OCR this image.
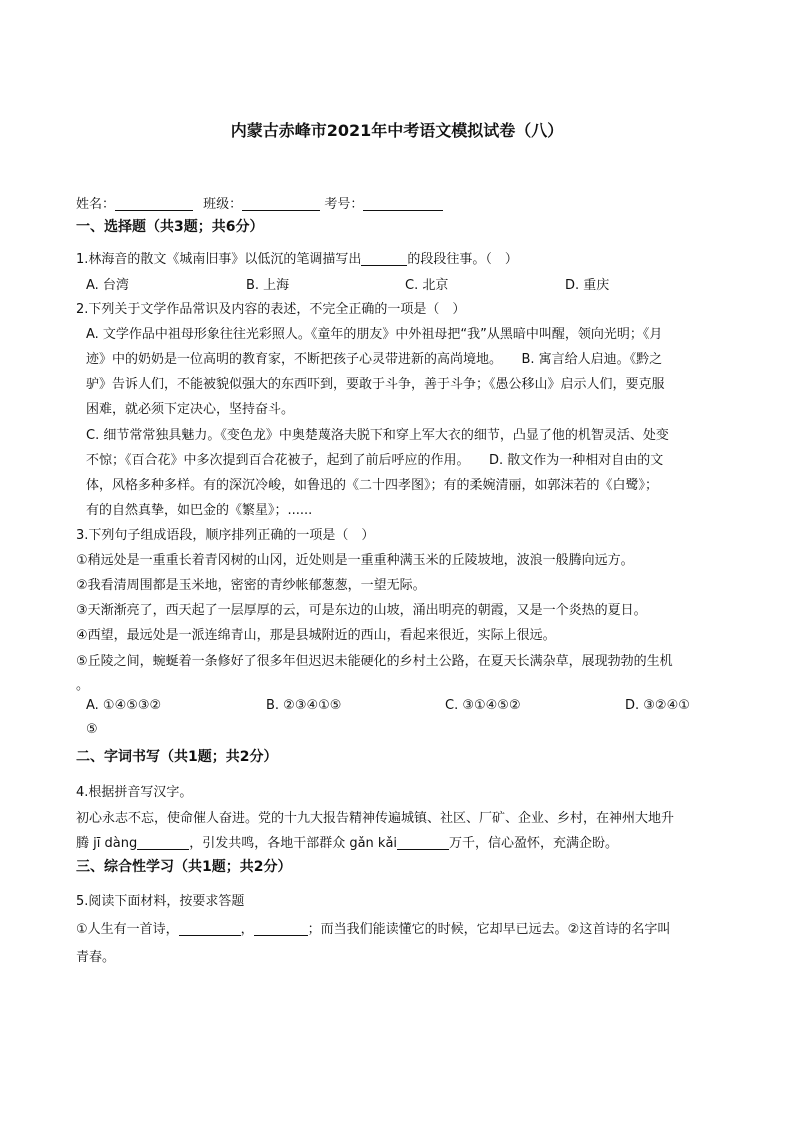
内蒙古赤峰市2021年中考语文模拟试卷（八）
姓名：	班级：	考号：
一、选择题（共3题；共6分）
1.林海音的散文《城南旧事》以低沉的笔调描写出	的段段往事。（　）
A. 台湾	B. 上海	C. 北京	D. 重庆
2.下列关于文学作品常识及内容的表述，不完全正确的一项是（　）
A. 文学作品中祖母形象往往光彩照人。《童年的朋友》中外祖母把“我”从黑暗中叫醒，领向光明；《月
迹》中的奶奶是一位高明的教育家，不断把孩子心灵带进新的高尚境地。　　B. 寓言给人启迪。《黔之
驴》告诉人们，不能被貌似强大的东西吓到，要敢于斗争，善于斗争；《愚公移山》启示人们，要克服
困难，就必须下定决心，坚持奋斗。
C. 细节常常独具魅力。《变色龙》中奥楚蔑洛夫脱下和穿上军大衣的细节，凸显了他的机智灵活、处变
不惊；《百合花》中多次提到百合花被子，起到了前后呼应的作用。　　D. 散文作为一种相对自由的文
体，风格多种多样。有的深沉冷峻，如鲁迅的《二十四孝图》；有的柔婉清丽，如郭沫若的《白鹭》；
有的自然真挚，如巴金的《繁星》；......
3.下列句子组成语段，顺序排列正确的一项是（　）
①稍远处是一重重长着青冈树的山冈，近处则是一重重种满玉米的丘陵坡地，波浪一般腾向远方。
②我看清周围都是玉米地，密密的青纱帐郁葱葱，一望无际。
③天渐渐亮了，西天起了一层厚厚的云，可是东边的山坡，涌出明亮的朝霞，又是一个炎热的夏日。
④西望，最远处是一派连绵青山，那是县城附近的西山，看起来很近，实际上很远。
⑤丘陵之间，蜿蜒着一条修好了很多年但迟迟未能硬化的乡村土公路，在夏天长满杂草，展现勃勃的生机
。
A. ①④⑤③②	B. ②③④①⑤	C. ③①④⑤②	D. ③②④①
⑤
二、字词书写（共1题；共2分）
4.根据拼音写汉字。
初心永志不忘，使命催人奋进。党的十九大报告精神传遍城镇、社区、厂矿、企业、乡村，在神州大地升
腾 jī dàng	，引发共鸣，各地干部群众 gǎn kǎi	万千，信心盈怀，充满企盼。
三、综合性学习（共1题；共2分）
5.阅读下面材料，按要求答题
①人生有一首诗，	，	；而当我们能读懂它的时候，它却早已远去。②这首诗的名字叫
青春。
